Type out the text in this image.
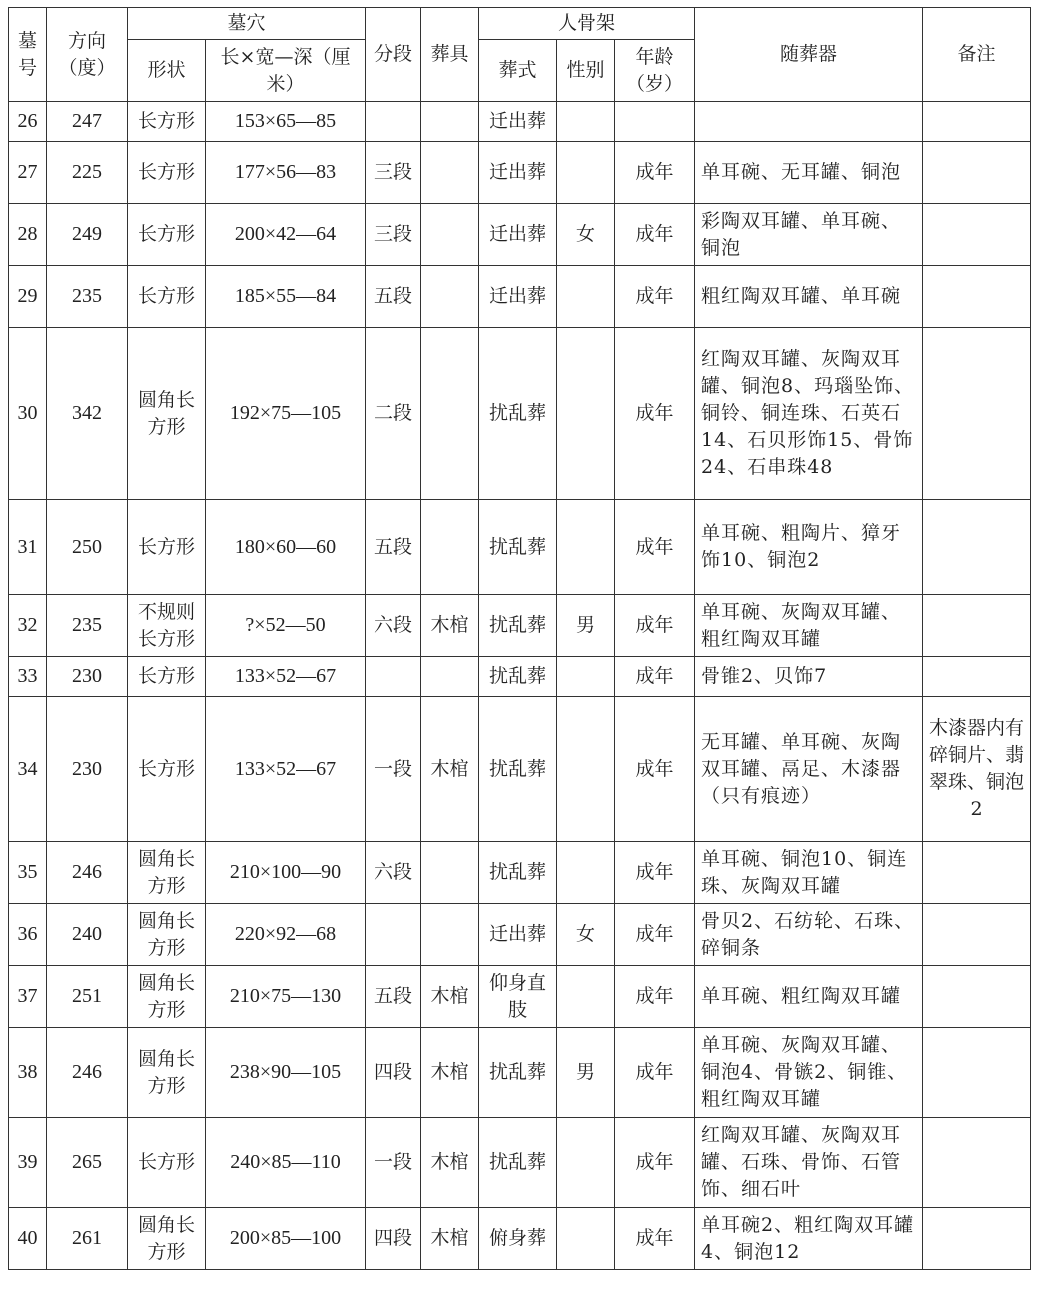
墓号	方向（度）	墓穴		分段	葬具	人骨架			随葬器	备注
		形状	长×宽—深（厘米）			葬式	性别	年龄（岁）		
26	247	长方形	153×65—85			迁出葬				
27	225	长方形	177×56—83	三段		迁出葬		成年	单耳碗、无耳罐、铜泡	
28	249	长方形	200×42—64	三段		迁出葬	女	成年	彩陶双耳罐、单耳碗、铜泡	
29	235	长方形	185×55—84	五段		迁出葬		成年	粗红陶双耳罐、单耳碗	
30	342	圆角长方形	192×75—105	二段		扰乱葬		成年	红陶双耳罐、灰陶双耳罐、铜泡8、玛瑙坠饰、铜铃、铜连珠、石英石14、石贝形饰15、骨饰24、石串珠48	
31	250	长方形	180×60—60	五段		扰乱葬		成年	单耳碗、粗陶片、獐牙饰10、铜泡2	
32	235	不规则长方形	?×52—50	六段	木棺	扰乱葬	男	成年	单耳碗、灰陶双耳罐、粗红陶双耳罐	
33	230	长方形	133×52—67			扰乱葬		成年	骨锥2、贝饰7	
34	230	长方形	133×52—67	一段	木棺	扰乱葬		成年	无耳罐、单耳碗、灰陶双耳罐、鬲足、木漆器（只有痕迹）	木漆器内有碎铜片、翡翠珠、铜泡2
35	246	圆角长方形	210×100—90	六段		扰乱葬		成年	单耳碗、铜泡10、铜连珠、灰陶双耳罐	
36	240	圆角长方形	220×92—68			迁出葬	女	成年	骨贝2、石纺轮、石珠、碎铜条	
37	251	圆角长方形	210×75—130	五段	木棺	仰身直肢		成年	单耳碗、粗红陶双耳罐	
38	246	圆角长方形	238×90—105	四段	木棺	扰乱葬	男	成年	单耳碗、灰陶双耳罐、铜泡4、骨镞2、铜锥、粗红陶双耳罐	
39	265	长方形	240×85—110	一段	木棺	扰乱葬		成年	红陶双耳罐、灰陶双耳罐、石珠、骨饰、石管饰、细石叶	
40	261	圆角长方形	200×85—100	四段	木棺	俯身葬		成年	单耳碗2、粗红陶双耳罐4、铜泡12	
